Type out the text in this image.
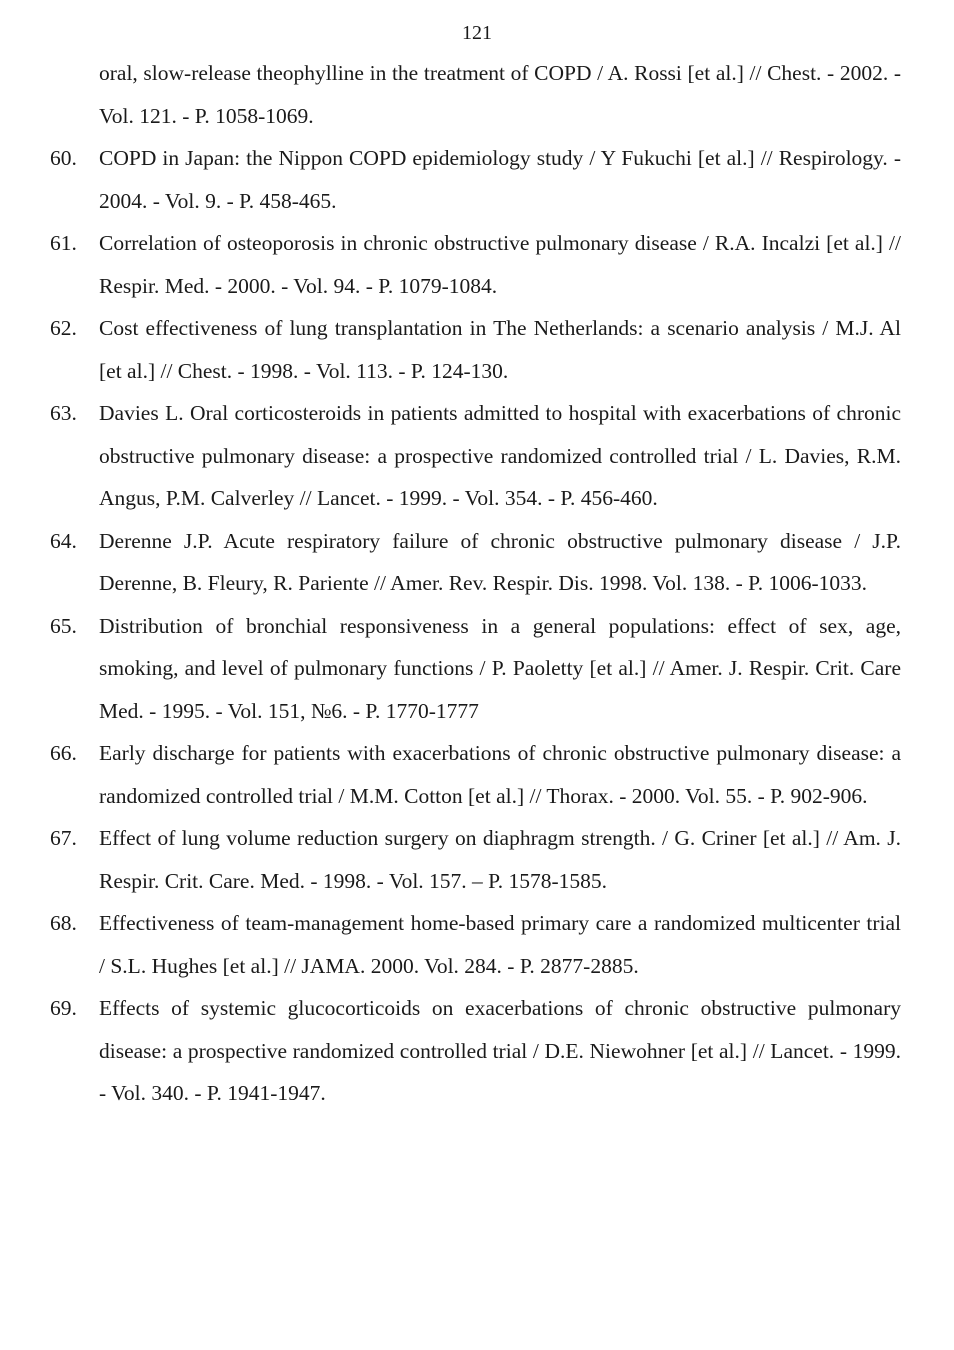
121
oral, slow-release theophylline in the treatment of COPD / A. Rossi [et al.] // Chest. - 2002. - Vol. 121. - P. 1058-1069.
60. COPD in Japan: the Nippon COPD epidemiology study / Y Fukuchi [et al.] // Respirology. - 2004. - Vol. 9. - P. 458-465.
61. Correlation of osteoporosis in chronic obstructive pulmonary disease / R.A. Incalzi [et al.] // Respir. Med. - 2000. - Vol. 94. - P. 1079-1084.
62. Cost effectiveness of lung transplantation in The Netherlands: a scenario analysis / M.J. Al [et al.] // Chest. - 1998. - Vol. 113. - P. 124-130.
63. Davies L. Oral corticosteroids in patients admitted to hospital with exacerbations of chronic obstructive pulmonary disease: a prospective randomized controlled trial / L. Davies, R.M. Angus, P.M. Calverley // Lancet. - 1999. - Vol. 354. - P. 456-460.
64. Derenne J.P. Acute respiratory failure of chronic obstructive pulmonary disease / J.P. Derenne, B. Fleury, R. Pariente // Amer. Rev. Respir. Dis. 1998. Vol. 138. - P. 1006-1033.
65. Distribution of bronchial responsiveness in a general populations: effect of sex, age, smoking, and level of pulmonary functions / P. Paoletty [et al.] // Amer. J. Respir. Crit. Care Med. - 1995. - Vol. 151, №6. - P. 1770-1777
66. Early discharge for patients with exacerbations of chronic obstructive pulmonary disease: a randomized controlled trial / M.M. Cotton [et al.] // Thorax. - 2000. Vol. 55. - P. 902-906.
67. Effect of lung volume reduction surgery on diaphragm strength. / G. Criner [et al.] // Am. J. Respir. Crit. Care. Med. - 1998. - Vol. 157. – P. 1578-1585.
68. Effectiveness of team-management home-based primary care a randomized multicenter trial / S.L. Hughes [et al.] // JAMA. 2000. Vol. 284. - P. 2877-2885.
69. Effects of systemic glucocorticoids on exacerbations of chronic obstructive pulmonary disease: a prospective randomized controlled trial / D.E. Niewohner [et al.] // Lancet. - 1999. - Vol. 340. - P. 1941-1947.
